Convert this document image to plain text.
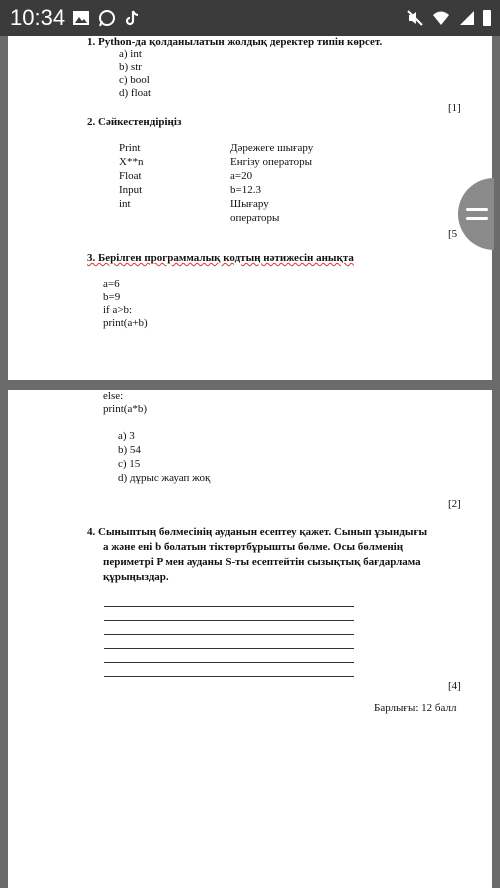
10:34
1. Python-да қолданылатын жолдық деректер типін көрсет.
a) int
b) str
c) bool
d) float
[1]
2. Сәйкестендіріңіз
Print
X**n
Float
Input
int
Дәрежеге шығару
Енгізу операторы
a=20
b=12.3
Шығару
операторы
[5
3. Берілген программалық кодтың нәтижесін анықта
a=6
b=9
if a>b:
print(a+b)
else:
print(a*b)
a) 3
b) 54
c) 15
d) дұрыс жауап жоқ
[2]
4. Сыныптың бөлмесінің ауданын есептеу қажет. Сынып ұзындығы
а және ені b болатын тіктөртбұрышты бөлме. Осы бөлменің
периметрі P мен ауданы S-ты есептейтін сызықтық бағдарлама
құрыңыздар.
[4]
Барлығы: 12 балл
